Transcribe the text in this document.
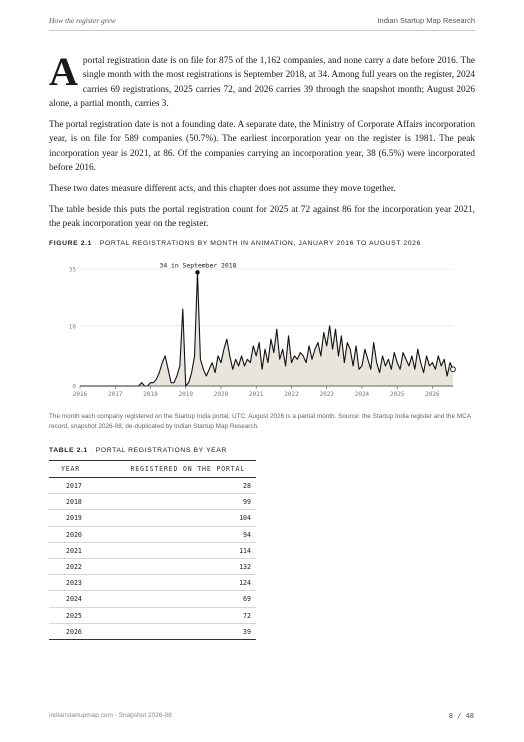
How the register grew	Indian Startup Map Research
A portal registration date is on file for 875 of the 1,162 companies, and none carry a date before 2016. The single month with the most registrations is September 2018, at 34. Among full years on the register, 2024 carries 69 registrations, 2025 carries 72, and 2026 carries 39 through the snapshot month; August 2026 alone, a partial month, carries 3.
The portal registration date is not a founding date. A separate date, the Ministry of Corporate Affairs incorporation year, is on file for 589 companies (50.7%). The earliest incorporation year on the register is 1981. The peak incorporation year is 2021, at 86. Of the companies carrying an incorporation year, 38 (6.5%) were incorporated before 2016.
These two dates measure different acts, and this chapter does not assume they move together.
The table beside this puts the portal registration count for 2025 at 72 against 86 for the incorporation year 2021, the peak incorporation year on the register.
FIGURE 2.1 · PORTAL REGISTRATIONS BY MONTH IN ANIMATION, JANUARY 2016 TO AUGUST 2026
0
18
35
2016	2017	2018	2019	2020	2021	2022	2023	2024	2025	2026
34 in September 2018
The month each company registered on the Startup India portal, UTC. August 2026 is a partial month. Source: the Startup India register and the MCA record, snapshot 2026-08, de-duplicated by Indian Startup Map Research.
TABLE 2.1 · PORTAL REGISTRATIONS BY YEAR
YEAR	REGISTERED ON THE PORTAL
2017	28
2018	99
2019	104
2020	94
2021	114
2022	132
2023	124
2024	69
2025	72
2026	39
indianstartupmap.com · Snapshot 2026-08	8 / 48
